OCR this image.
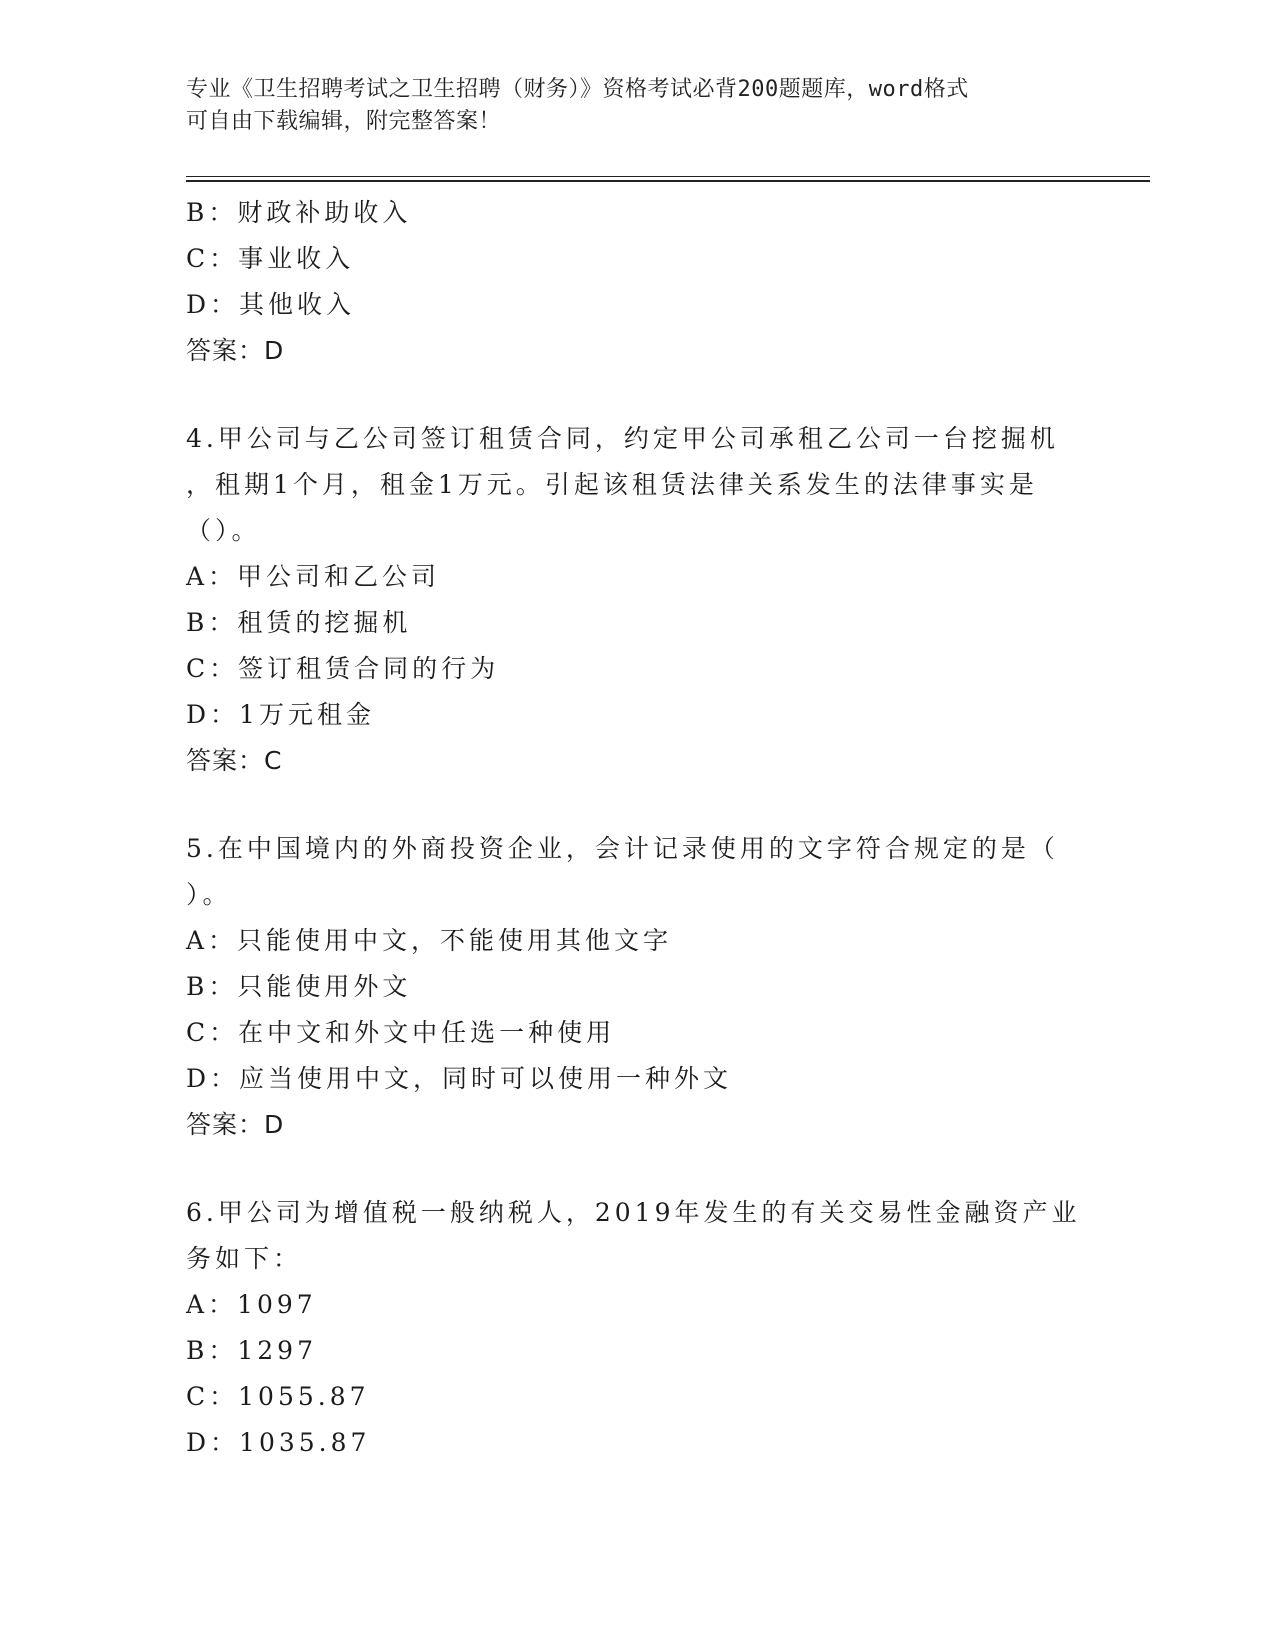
专业《卫生招聘考试之卫生招聘（财务）》资格考试必背200题题库，word格式
可自由下载编辑，附完整答案！
B：财政补助收入
C：事业收入
D：其他收入
答案：D
4.甲公司与乙公司签订租赁合同，约定甲公司承租乙公司一台挖掘机
，租期1个月，租金1万元。引起该租赁法律关系发生的法律事实是
（）。
A：甲公司和乙公司
B：租赁的挖掘机
C：签订租赁合同的行为
D：1万元租金
答案：C
5.在中国境内的外商投资企业，会计记录使用的文字符合规定的是（
）。
A：只能使用中文，不能使用其他文字
B：只能使用外文
C：在中文和外文中任选一种使用
D：应当使用中文，同时可以使用一种外文
答案：D
6.甲公司为增值税一般纳税人，2019年发生的有关交易性金融资产业
务如下：
A：1097
B：1297
C：1055.87
D：1035.87
